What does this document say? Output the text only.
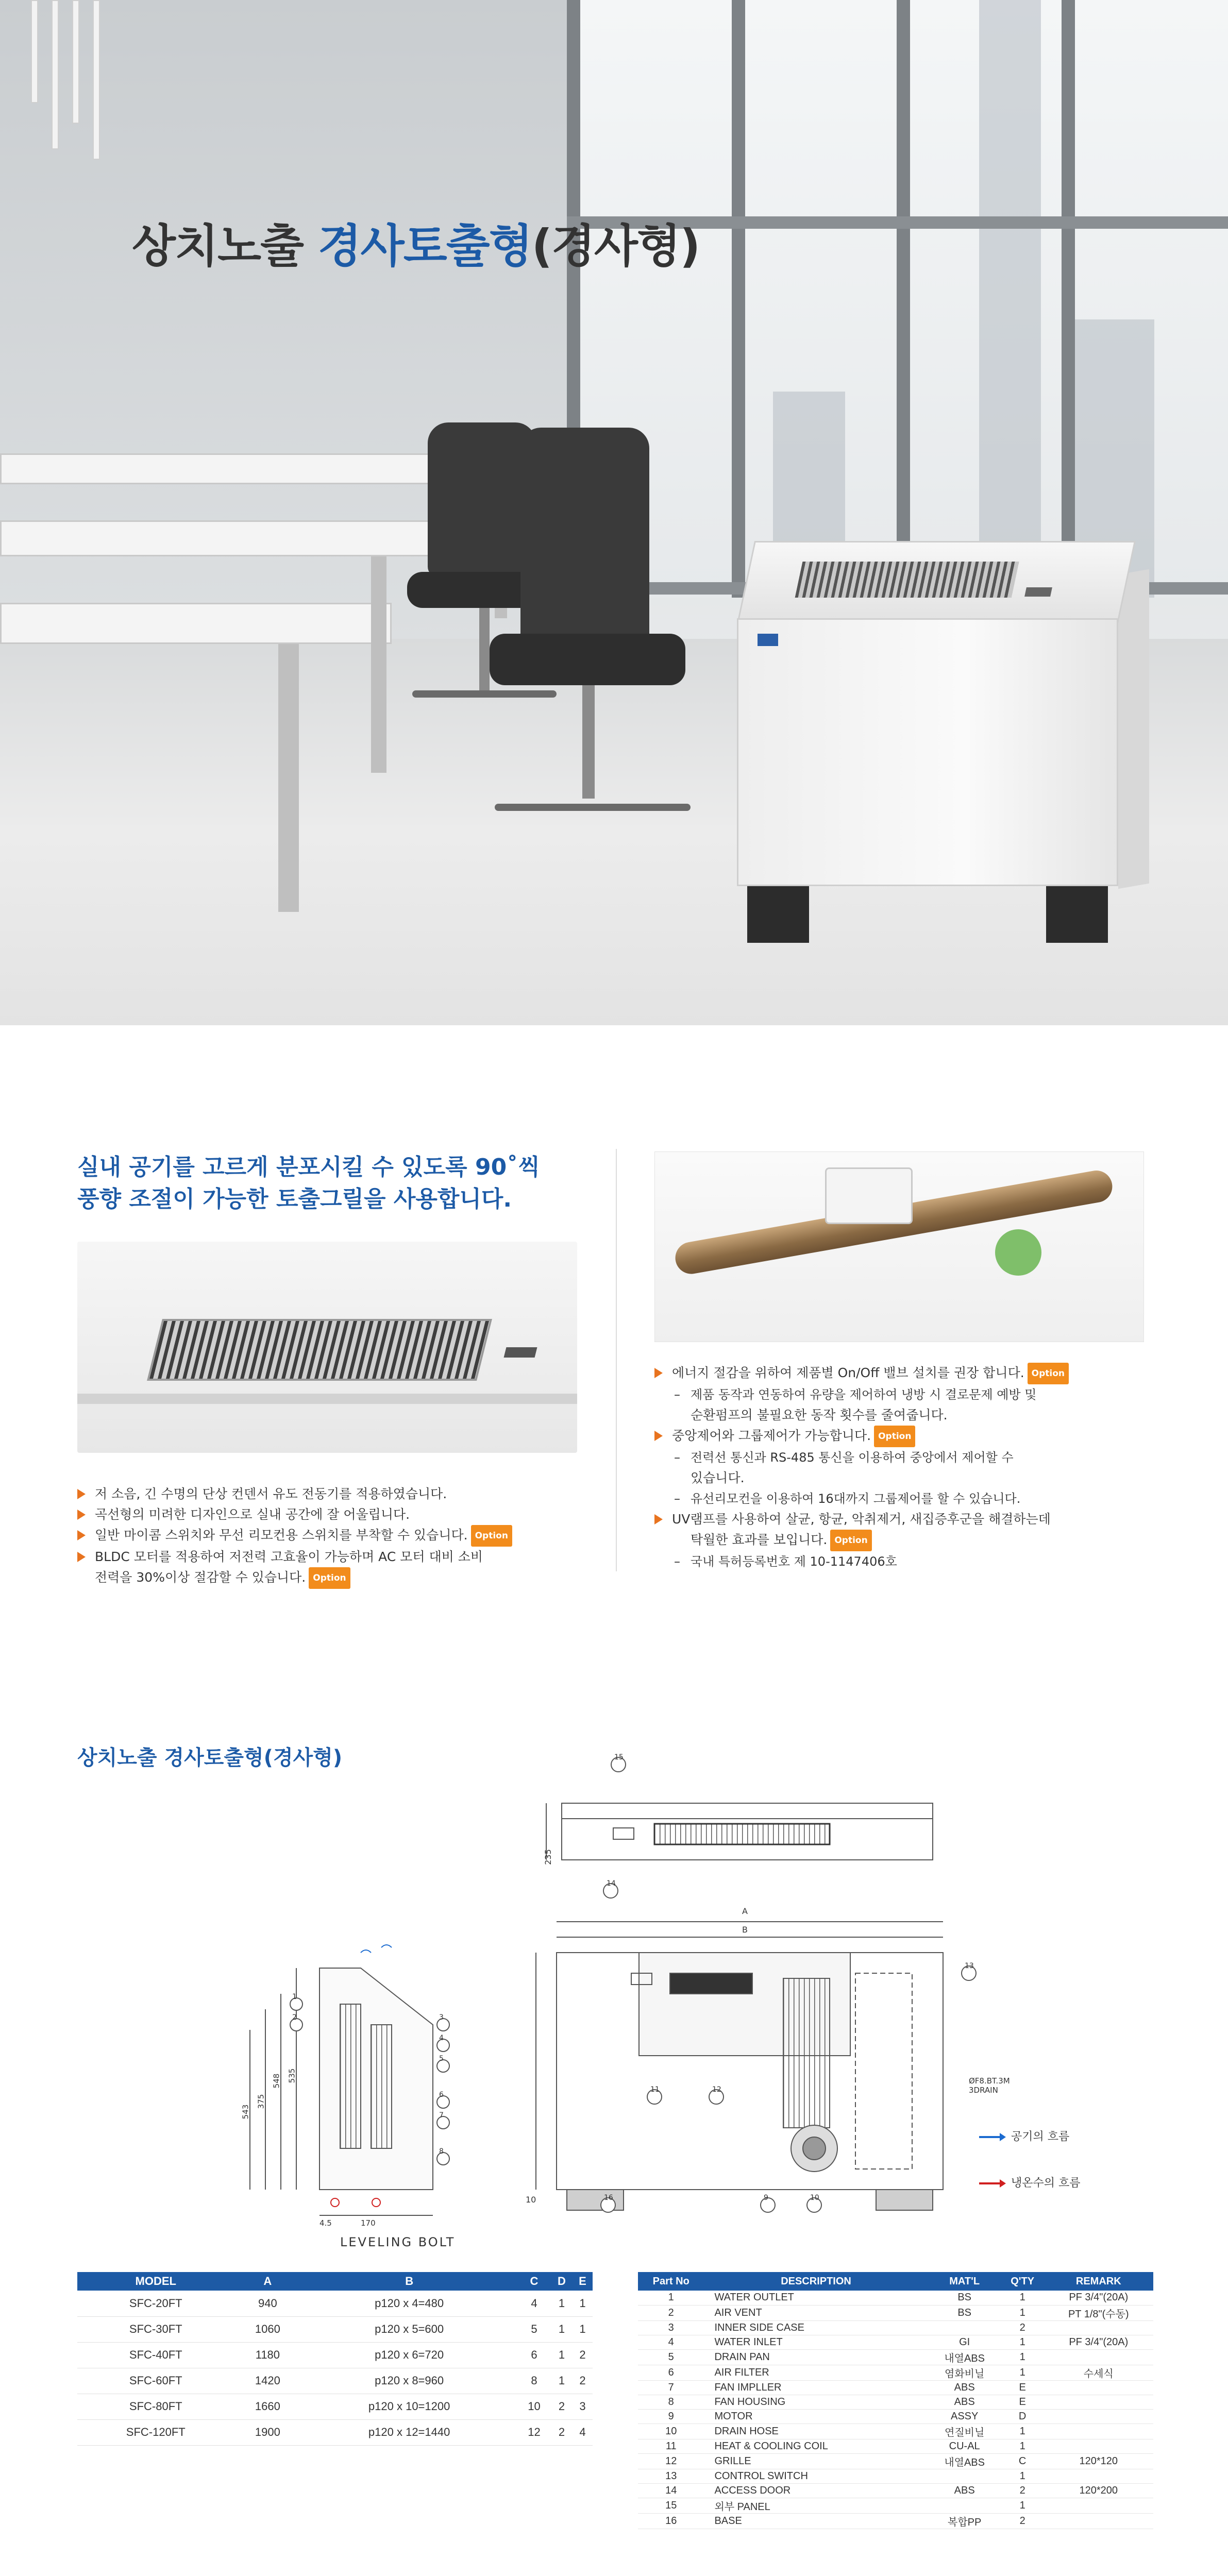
상치노출 경사토출형(경사형)
실내 공기를 고르게 분포시킬 수 있도록 90˚씩
풍향 조절이 가능한 토출그릴을 사용합니다.
저 소음, 긴 수명의 단상 컨덴서 유도 전동기를 적용하였습니다.
곡선형의 미려한 디자인으로 실내 공간에 잘 어울립니다.
일반 마이콤 스위치와 무선 리모컨용 스위치를 부착할 수 있습니다. Option
BLDC 모터를 적용하여 저전력 고효율이 가능하며 AC 모터 대비 소비
전력을 30%이상 절감할 수 있습니다. Option
에너지 절감을 위하여 제품별 On/Off 밸브 설치를 권장 합니다. Option
– 제품 동작과 연동하여 유량을 제어하여 냉방 시 결로문제 예방 및
순환펌프의 불필요한 동작 횟수를 줄여줍니다.
중앙제어와 그룹제어가 가능합니다. Option
– 전력선 통신과 RS-485 통신을 이용하여 중앙에서 제어할 수
있습니다.
– 유선리모컨을 이용하여 16대까지 그룹제어를 할 수 있습니다.
UV램프를 사용하여 살균, 항균, 악취제거, 새집증후군을 해결하는데
탁월한 효과를 보입니다. Option
– 국내 특허등록번호 제 10-1147406호
상치노출 경사토출형(경사형)
LEVELING BOLT
235
10
A
B
ØF8.BT.3M 3DRAIN
535
548
375
543
170
4.5
1
2	3
4
5
6
7
8
9	10
11	12
13
14
15
16
공기의 흐름
냉온수의 흐름
MODEL	A	B	C	D	E
SFC-20FT	940	p120 x 4=480	4	1	1
SFC-30FT	1060	p120 x 5=600	5	1	1
SFC-40FT	1180	p120 x 6=720	6	1	2
SFC-60FT	1420	p120 x 8=960	8	1	2
SFC-80FT	1660	p120 x 10=1200	10	2	3
SFC-120FT	1900	p120 x 12=1440	12	2	4
Part No	DESCRIPTION	MAT'L	Q'TY	REMARK
1	WATER OUTLET	BS	1	PF 3/4"(20A)
2	AIR VENT	BS	1	PT 1/8"(수동)
3	INNER SIDE CASE		2	
4	WATER INLET	GI	1	PF 3/4"(20A)
5	DRAIN PAN	내열ABS	1	
6	AIR FILTER	염화비닐	1	수세식
7	FAN IMPLLER	ABS	E	
8	FAN HOUSING	ABS	E	
9	MOTOR	ASSY	D	
10	DRAIN HOSE	연질비닐	1	
11	HEAT & COOLING COIL	CU-AL	1	
12	GRILLE	내열ABS	C	120*120
13	CONTROL SWITCH		1	
14	ACCESS DOOR	ABS	2	120*200
15	외부 PANEL		1	
16	BASE	복합PP	2	
